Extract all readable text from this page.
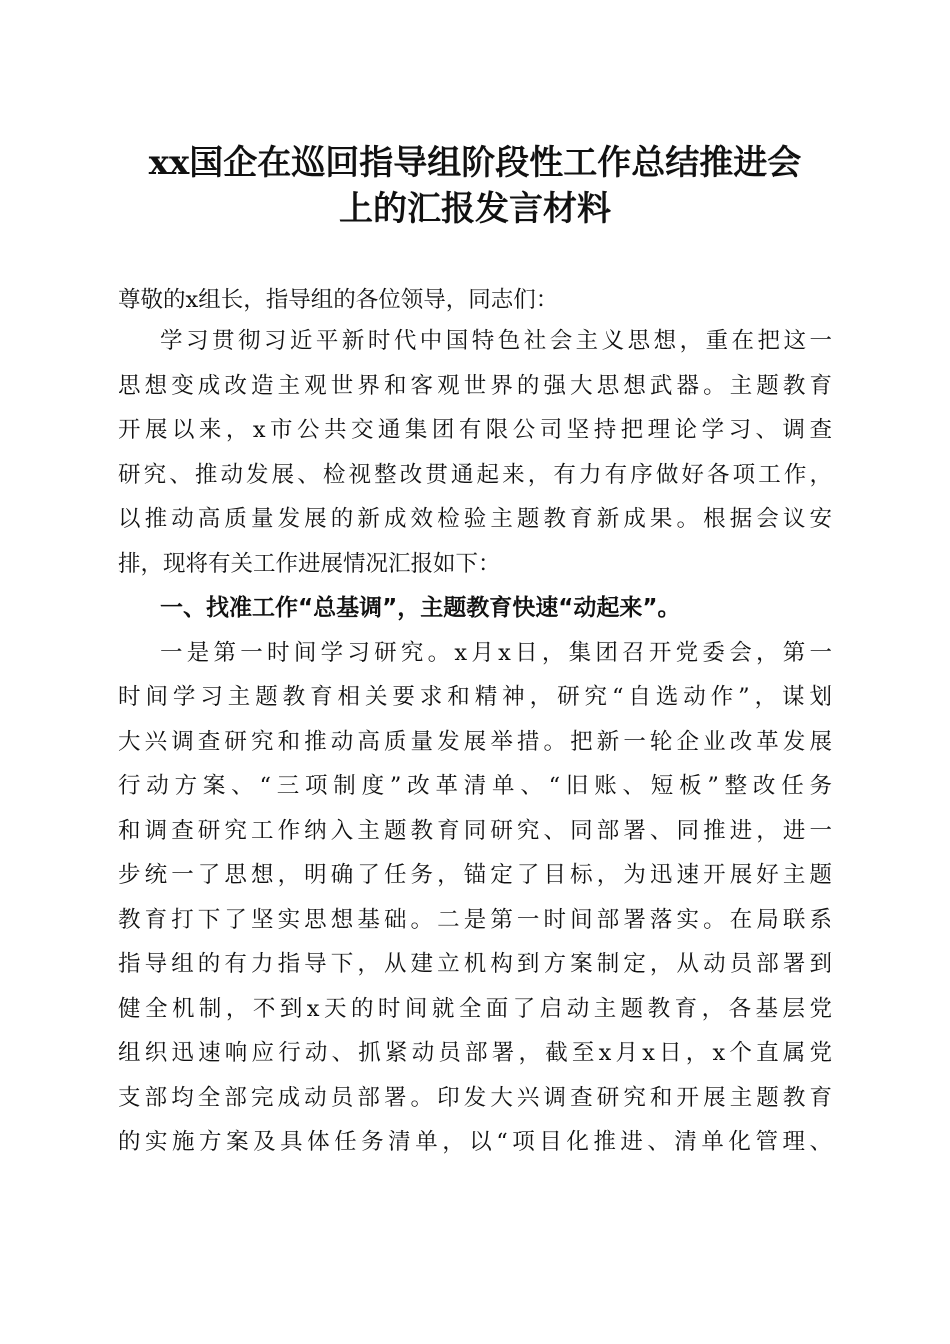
xx国企在巡回指导组阶段性工作总结推进会
上的汇报发言材料
尊敬的x组长，指导组的各位领导，同志们：
学习贯彻习近平新时代中国特色社会主义思想，重在把这一
思想变成改造主观世界和客观世界的强大思想武器。主题教育
开展以来，x市公共交通集团有限公司坚持把理论学习、调查
研究、推动发展、检视整改贯通起来，有力有序做好各项工作，
以推动高质量发展的新成效检验主题教育新成果。根据会议安
排，现将有关工作进展情况汇报如下：
一、找准工作“总基调”，主题教育快速“动起来”。
一是第一时间学习研究。x月x日，集团召开党委会，第一
时间学习主题教育相关要求和精神，研究“自选动作”，谋划
大兴调查研究和推动高质量发展举措。把新一轮企业改革发展
行动方案、“三项制度”改革清单、“旧账、短板”整改任务
和调查研究工作纳入主题教育同研究、同部署、同推进，进一
步统一了思想，明确了任务，锚定了目标，为迅速开展好主题
教育打下了坚实思想基础。二是第一时间部署落实。在局联系
指导组的有力指导下，从建立机构到方案制定，从动员部署到
健全机制，不到x天的时间就全面了启动主题教育，各基层党
组织迅速响应行动、抓紧动员部署，截至x月x日，x个直属党
支部均全部完成动员部署。印发大兴调查研究和开展主题教育
的实施方案及具体任务清单，以“项目化推进、清单化管理、
